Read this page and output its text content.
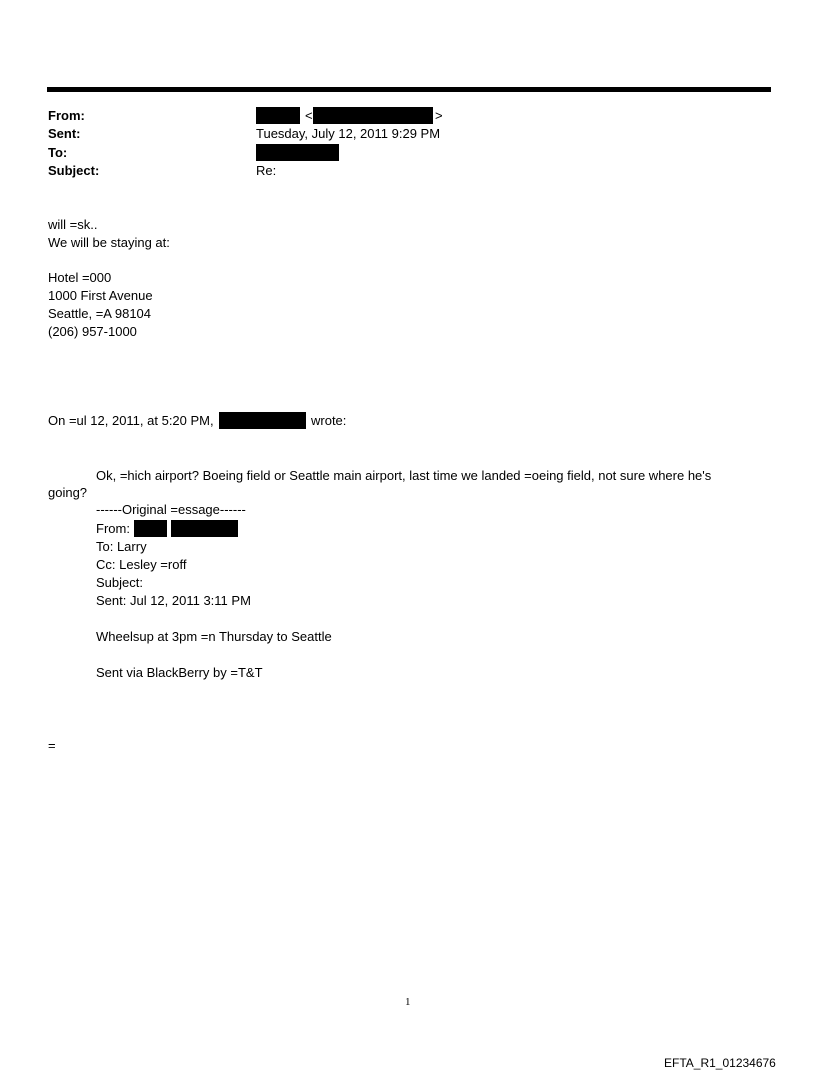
From:
Sent:
To:
Subject:
<	>
Tuesday, July 12, 2011 9:29 PM
Re:
will =sk..
We will be staying at:
Hotel =000
1000 First Avenue
Seattle, =A 98104
(206) 957-1000
On =ul 12, 2011, at 5:20 PM,	wrote:
Ok, =hich airport? Boeing field or Seattle main airport, last time we landed =oeing field, not sure where he's
going?
------Original =essage------
From:
To: Larry
Cc: Lesley =roff
Subject:
Sent: Jul 12, 2011 3:11 PM
Wheelsup at 3pm =n Thursday to Seattle
Sent via BlackBerry by =T&T
=
1
EFTA_R1_01234676
